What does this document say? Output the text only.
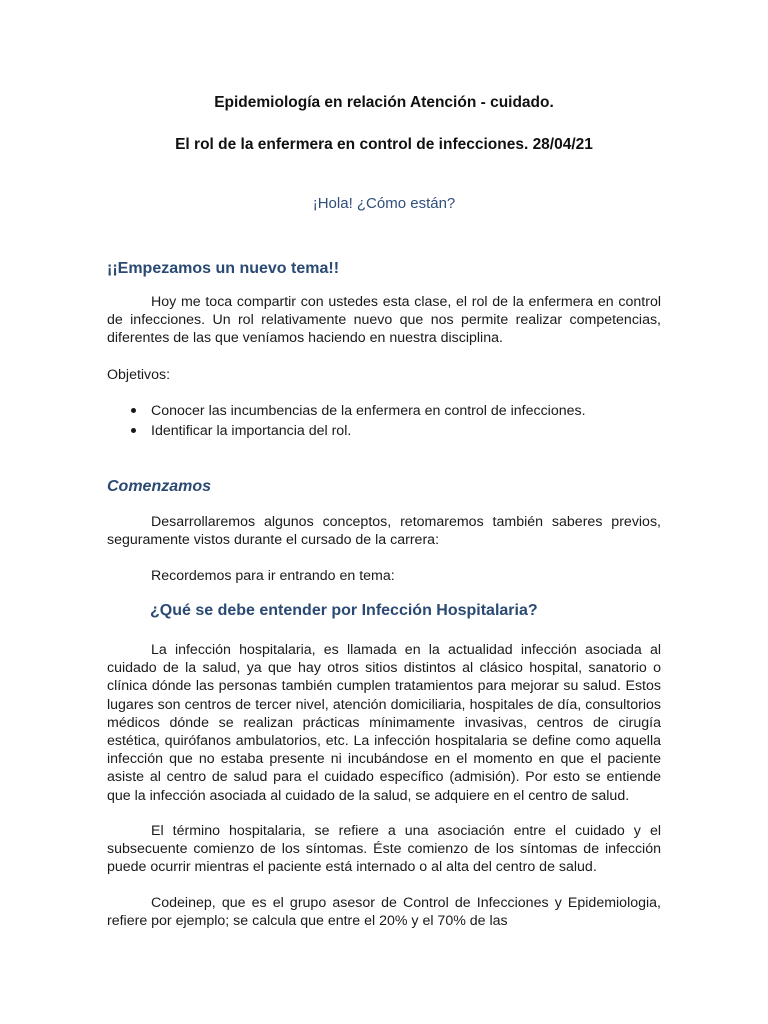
Epidemiología en relación Atención - cuidado.
El rol de la enfermera en control de infecciones. 28/04/21
¡Hola! ¿Cómo están?
¡¡Empezamos un nuevo tema!!
Hoy me toca compartir con ustedes esta clase, el rol de la enfermera en control de infecciones. Un rol relativamente nuevo que nos permite realizar competencias, diferentes de las que veníamos haciendo en nuestra disciplina.
Objetivos:
Conocer las incumbencias de la enfermera en control de infecciones.
Identificar la importancia del rol.
Comenzamos
Desarrollaremos algunos conceptos, retomaremos también saberes previos, seguramente vistos durante el cursado de la carrera:
Recordemos para ir entrando en tema:
¿Qué se debe entender por Infección Hospitalaria?
La infección hospitalaria, es llamada en la actualidad infección asociada al cuidado de la salud, ya que hay otros sitios distintos al clásico hospital, sanatorio o clínica dónde las personas también cumplen tratamientos para mejorar su salud. Estos lugares son centros de tercer nivel, atención domiciliaria, hospitales de día, consultorios médicos dónde se realizan prácticas mínimamente invasivas, centros de cirugía estética, quirófanos ambulatorios, etc. La infección hospitalaria se define como aquella infección que no estaba presente ni incubándose en el momento en que el paciente asiste al centro de salud para el cuidado específico (admisión). Por esto se entiende que la infección asociada al cuidado de la salud, se adquiere en el centro de salud.
El término hospitalaria, se refiere a una asociación entre el cuidado y el subsecuente comienzo de los síntomas. Éste comienzo de los síntomas de infección puede ocurrir mientras el paciente está internado o al alta del centro de salud.
Codeinep, que es el grupo asesor de Control de Infecciones y Epidemiologia, refiere por ejemplo; se calcula que entre el 20% y el 70% de las
